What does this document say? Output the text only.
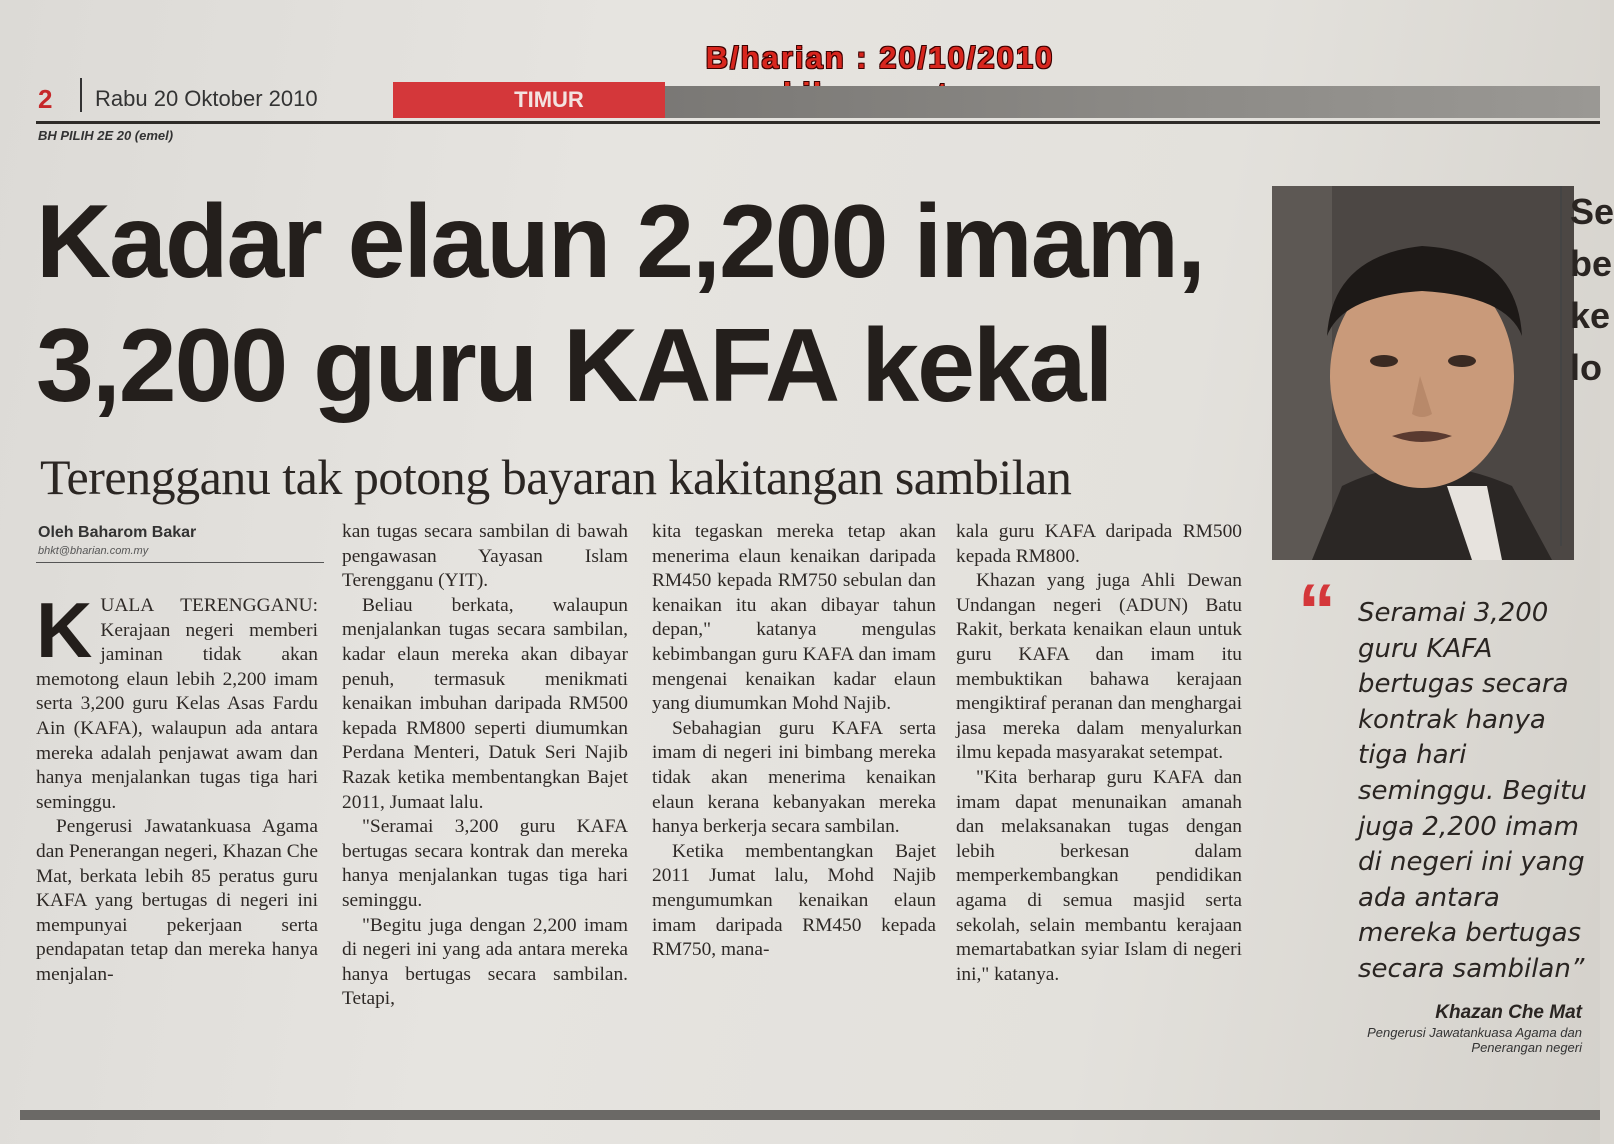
B/harian : 20/10/2010
2 Rabu 20 Oktober 2010	TIMUR
BH PILIH 2E 20 (emel)
Kadar elaun 2,200 imam,
3,200 guru KAFA kekal
Terengganu tak potong bayaran kakitangan sambilan
Oleh Baharom Bakar
bhkt@bharian.com.my
K UALA TERENGGANU: Kerajaan negeri memberi jaminan tidak akan memotong elaun lebih 2,200 imam serta 3,200 guru Kelas Asas Fardu Ain (KAFA), walaupun ada antara mereka adalah penjawat awam dan hanya menjalankan tugas tiga hari seminggu.

Pengerusi Jawatankuasa Agama dan Penerangan negeri, Khazan Che Mat, berkata lebih 85 peratus guru KAFA yang bertugas di negeri ini mempunyai pekerjaan serta pendapatan tetap dan mereka hanya menjalan-

kan tugas secara sambilan di bawah pengawasan Yayasan Islam Terengganu (YIT).

Beliau berkata, walaupun menjalankan tugas secara sambilan, kadar elaun mereka akan dibayar penuh, termasuk menikmati kenaikan imbuhan daripada RM500 kepada RM800 seperti diumumkan Perdana Menteri, Datuk Seri Najib Razak ketika membentangkan Bajet 2011, Jumaat lalu.

"Seramai 3,200 guru KAFA bertugas secara kontrak dan mereka hanya menjalankan tugas tiga hari seminggu.

"Begitu juga dengan 2,200 imam di negeri ini yang ada antara mereka hanya bertugas secara sambilan. Tetapi,

kita tegaskan mereka tetap akan menerima elaun kenaikan daripada RM450 kepada RM750 sebulan dan kenaikan itu akan dibayar tahun depan," katanya mengulas kebimbangan guru KAFA dan imam mengenai kenaikan kadar elaun yang diumumkan Mohd Najib.

Sebahagian guru KAFA serta imam di negeri ini bimbang mereka tidak akan menerima kenaikan elaun kerana kebanyakan mereka hanya berkerja secara sambilan.

Ketika membentangkan Bajet 2011 Jumat lalu, Mohd Najib mengumumkan kenaikan elaun imam daripada RM450 kepada RM750, mana-

kala guru KAFA daripada RM500 kepada RM800.

Khazan yang juga Ahli Dewan Undangan negeri (ADUN) Batu Rakit, berkata kenaikan elaun untuk guru KAFA dan imam itu membuktikan bahawa kerajaan mengiktiraf peranan dan menghargai jasa mereka dalam menyalurkan ilmu kepada masyarakat setempat.

"Kita berharap guru KAFA dan imam dapat menunaikan amanah dan melaksanakan tugas dengan lebih berkesan dalam memperkembangkan pendidikan agama di semua masjid serta sekolah, selain membantu kerajaan memartabatkan syiar Islam di negeri ini," katanya.

Se be ke lo
“ Seramai 3,200 guru KAFA bertugas secara kontrak hanya tiga hari seminggu. Begitu juga 2,200 imam di negeri ini yang ada antara mereka bertugas secara sambilan”
Khazan Che Mat
Pengerusi Jawatankuasa Agama dan Penerangan negeri
